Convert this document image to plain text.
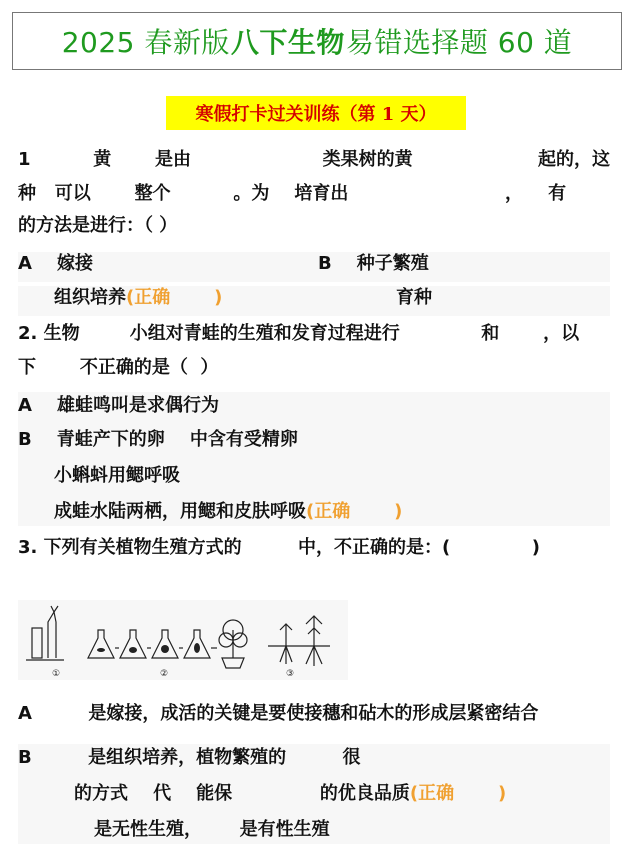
2025 春新版 八下生物 易错选择题 60 道
寒假打卡过关训练（第 1 天）
1          黄       是由                     类果树的黄                    起的，这
种   可以       整个          。为    培育出                         ，    有
的方法是进行：（ ）
A    嫁接	B    种子繁殖
组织培养(正确       )	育种
2. 生物        小组对青蛙的生殖和发育过程进行             和       ，以
下       不正确的是（  ）
A    雄蛙鸣叫是求偶行为
B    青蛙产下的卵    中含有受精卵
小蝌蚪用鳃呼吸
成蛙水陆两栖，用鳃和皮肤呼吸(正确       )
3. 下列有关植物生殖方式的         中，不正确的是：(             )
①	②	③
A         是嫁接，成活的关键是要使接穗和砧木的形成层紧密结合
B         是组织培养，植物繁殖的         很
的方式    代    能保              的优良品质(正确       )
是无性生殖，      是有性生殖
